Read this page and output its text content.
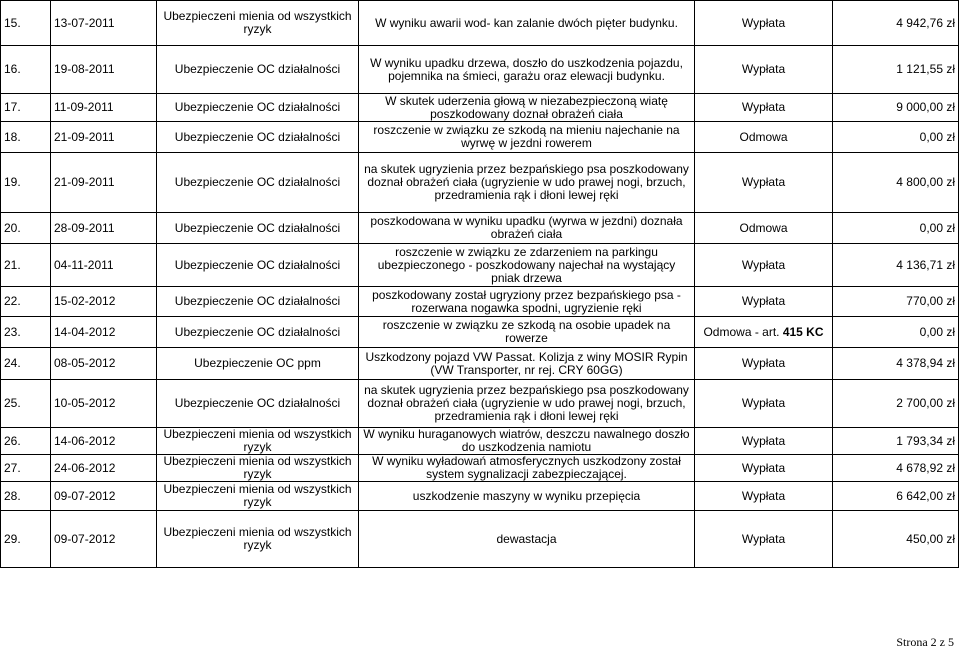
15.	13-07-2011	Ubezpieczeni mienia od wszystkich ryzyk	W wyniku awarii wod- kan zalanie dwóch pięter budynku.	Wypłata	4 942,76 zł
16.	19-08-2011	Ubezpieczenie OC działalności	W wyniku upadku drzewa, doszło do uszkodzenia pojazdu, pojemnika na śmieci, garażu oraz elewacji budynku.	Wypłata	1 121,55 zł
17.	11-09-2011	Ubezpieczenie OC działalności	W skutek uderzenia głową w niezabezpieczoną wiatę poszkodowany doznał obrażeń ciała	Wypłata	9 000,00 zł
18.	21-09-2011	Ubezpieczenie OC działalności	roszczenie w związku ze szkodą na mieniu najechanie na wyrwę w jezdni rowerem	Odmowa	0,00 zł
19.	21-09-2011	Ubezpieczenie OC działalności	na skutek ugryzienia przez bezpańskiego psa poszkodowany doznał obrażeń ciała (ugryzienie w udo prawej nogi, brzuch, przedramienia rąk i dłoni lewej ręki	Wypłata	4 800,00 zł
20.	28-09-2011	Ubezpieczenie OC działalności	poszkodowana w wyniku upadku (wyrwa w jezdni) doznała obrażeń ciała	Odmowa	0,00 zł
21.	04-11-2011	Ubezpieczenie OC działalności	roszczenie w związku ze zdarzeniem na parkingu ubezpieczonego - poszkodowany najechał na wystający pniak drzewa	Wypłata	4 136,71 zł
22.	15-02-2012	Ubezpieczenie OC działalności	poszkodowany został ugryziony przez bezpańskiego psa - rozerwana nogawka spodni, ugryzienie ręki	Wypłata	770,00 zł
23.	14-04-2012	Ubezpieczenie OC działalności	roszczenie w związku ze szkodą na osobie upadek na rowerze	Odmowa - art. 415 KC	0,00 zł
24.	08-05-2012	Ubezpieczenie OC ppm	Uszkodzony pojazd VW Passat. Kolizja z winy MOSIR Rypin (VW Transporter, nr rej. CRY 60GG)	Wypłata	4 378,94 zł
25.	10-05-2012	Ubezpieczenie OC działalności	na skutek ugryzienia przez bezpańskiego psa poszkodowany doznał obrażeń ciała (ugryzienie w udo prawej nogi, brzuch, przedramienia rąk i dłoni lewej ręki	Wypłata	2 700,00 zł
26.	14-06-2012	Ubezpieczeni mienia od wszystkich ryzyk	W wyniku huraganowych wiatrów, deszczu nawalnego doszło do uszkodzenia namiotu	Wypłata	1 793,34 zł
27.	24-06-2012	Ubezpieczeni mienia od wszystkich ryzyk	W wyniku wyładowań atmosferycznych uszkodzony został system sygnalizacji zabezpieczającej.	Wypłata	4 678,92 zł
28.	09-07-2012	Ubezpieczeni mienia od wszystkich ryzyk	uszkodzenie maszyny w wyniku przepięcia	Wypłata	6 642,00 zł
29.	09-07-2012	Ubezpieczeni mienia od wszystkich ryzyk	dewastacja	Wypłata	450,00 zł
Strona 2 z 5
